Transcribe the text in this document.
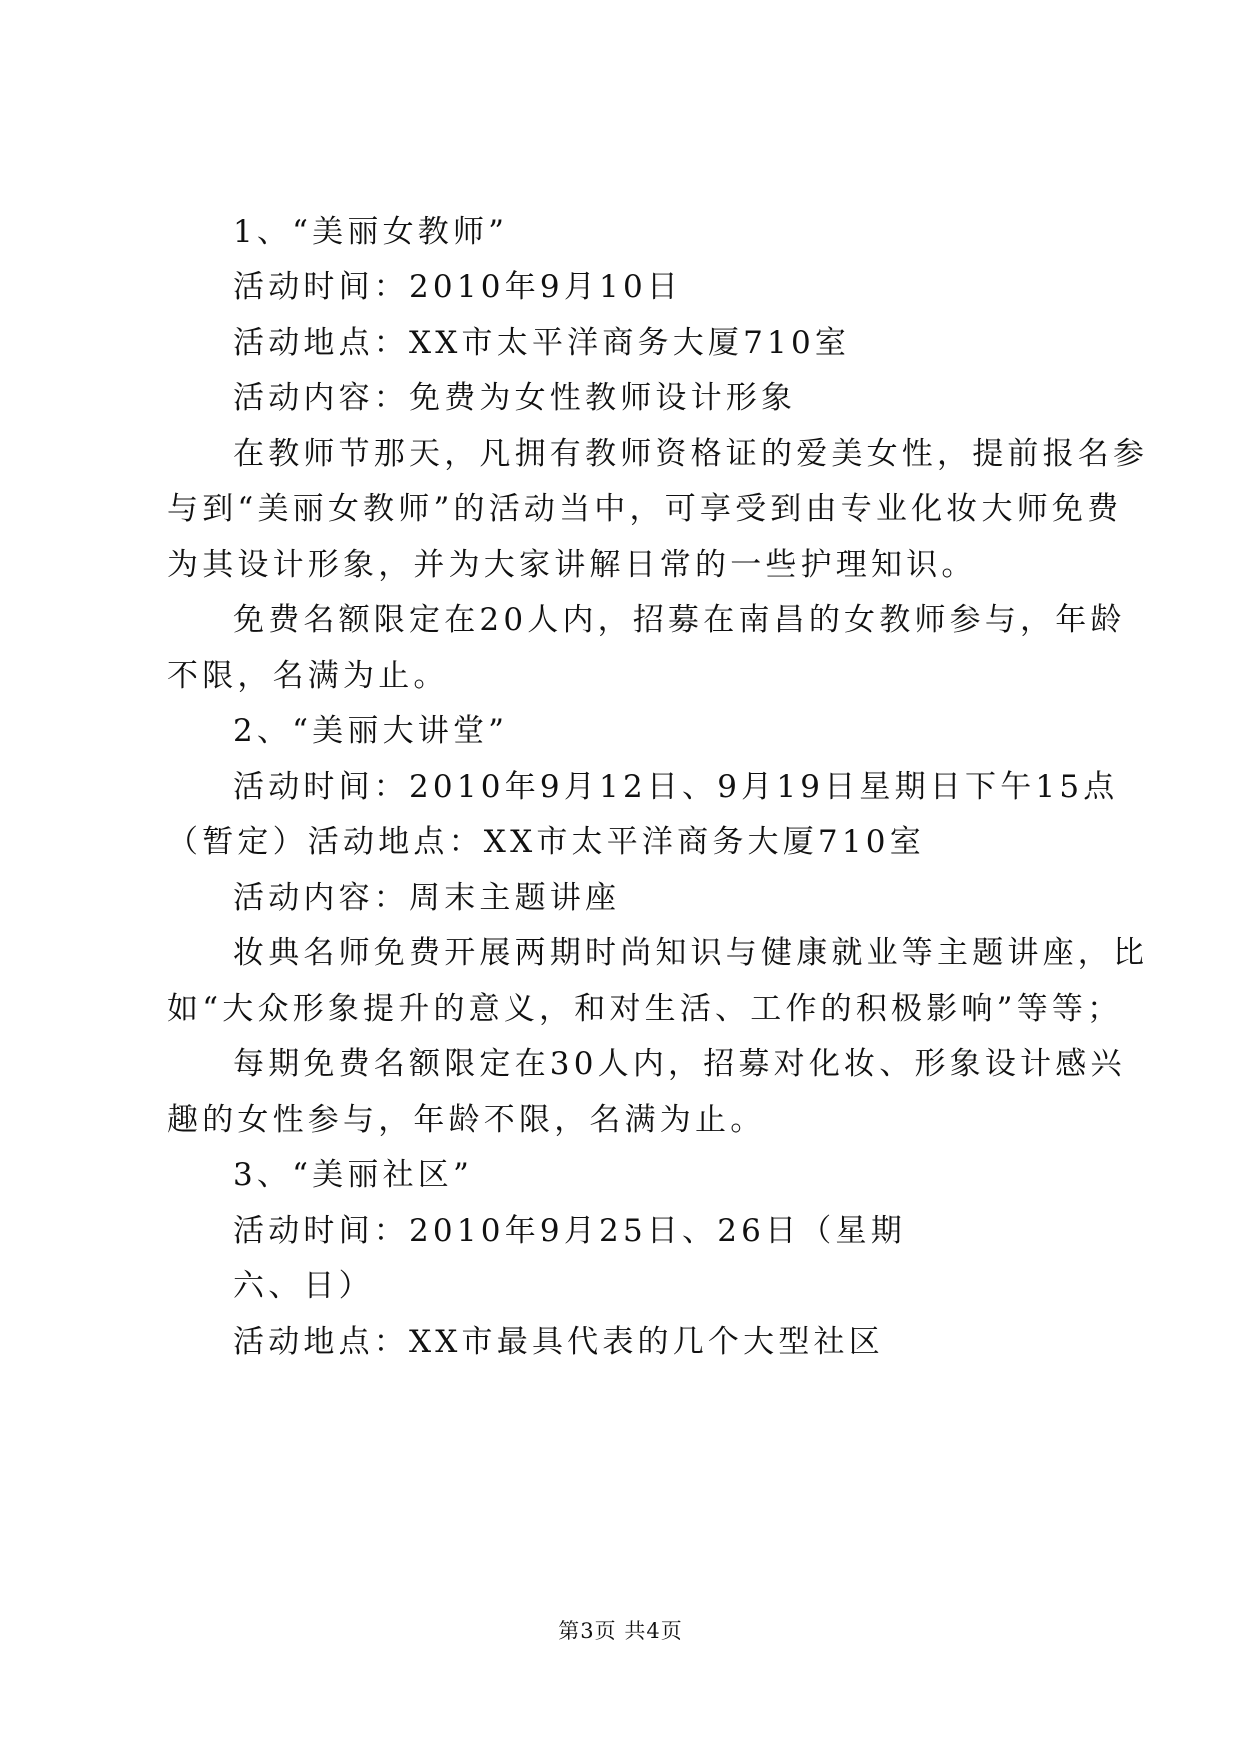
1、“美丽女教师”
活动时间：2010年9月10日
活动地点：XX市太平洋商务大厦710室
活动内容：免费为女性教师设计形象
在教师节那天，凡拥有教师资格证的爱美女性，提前报名参
与到“美丽女教师”的活动当中，可享受到由专业化妆大师免费
为其设计形象，并为大家讲解日常的一些护理知识。
免费名额限定在20人内，招募在南昌的女教师参与，年龄
不限，名满为止。
2、“美丽大讲堂”
活动时间：2010年9月12日、9月19日星期日下午15点
（暂定）活动地点：XX市太平洋商务大厦710室
活动内容：周末主题讲座
妆典名师免费开展两期时尚知识与健康就业等主题讲座，比
如“大众形象提升的意义，和对生活、工作的积极影响”等等；
每期免费名额限定在30人内，招募对化妆、形象设计感兴
趣的女性参与，年龄不限，名满为止。
3、“美丽社区”
活动时间：2010年9月25日、26日（星期
六、日）
活动地点：XX市最具代表的几个大型社区
第3页 共4页
